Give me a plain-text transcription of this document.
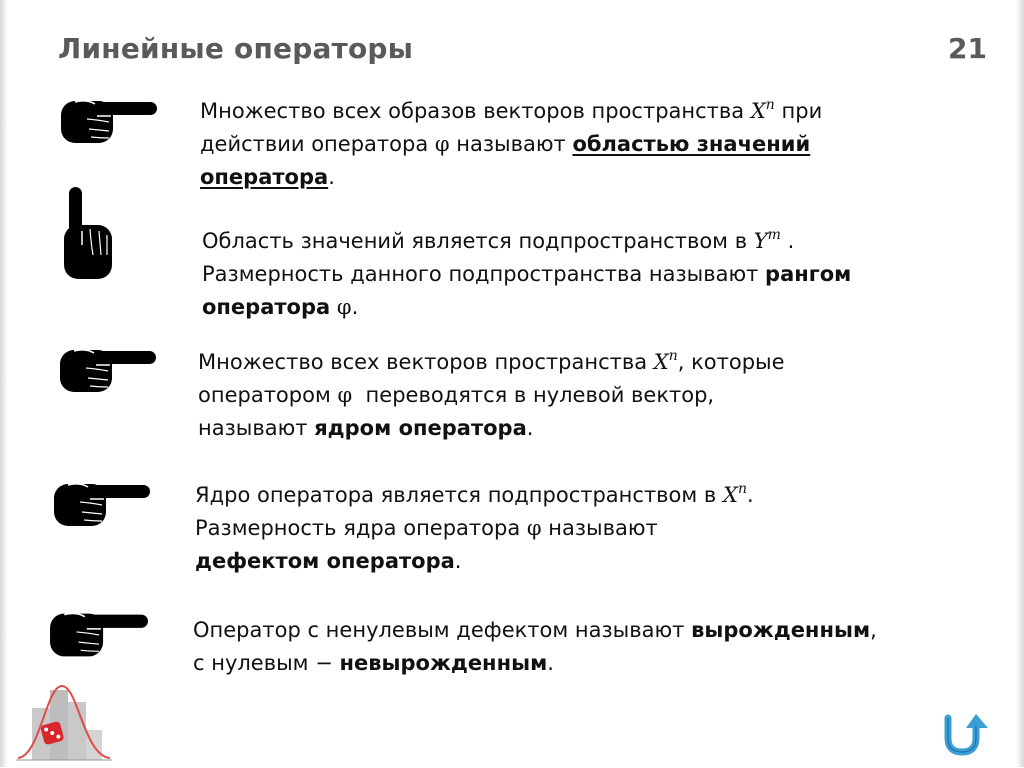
Линейные операторы	21
Множество всех образов векторов пространства $X^n$ при
действии оператора φ называют областью значений
оператора.
Область значений является подпространством в $Y^m$ .
Размерность данного подпространства называют рангом
оператора φ.
Множество всех векторов пространства $X^n$, которые
оператором φ  переводятся в нулевой вектор,
называют ядром оператора.
Ядро оператора является подпространством в $X^n$.
Размерность ядра оператора φ называют
дефектом оператора.
Оператор с ненулевым дефектом называют вырожденным,
с нулевым − невырожденным.
